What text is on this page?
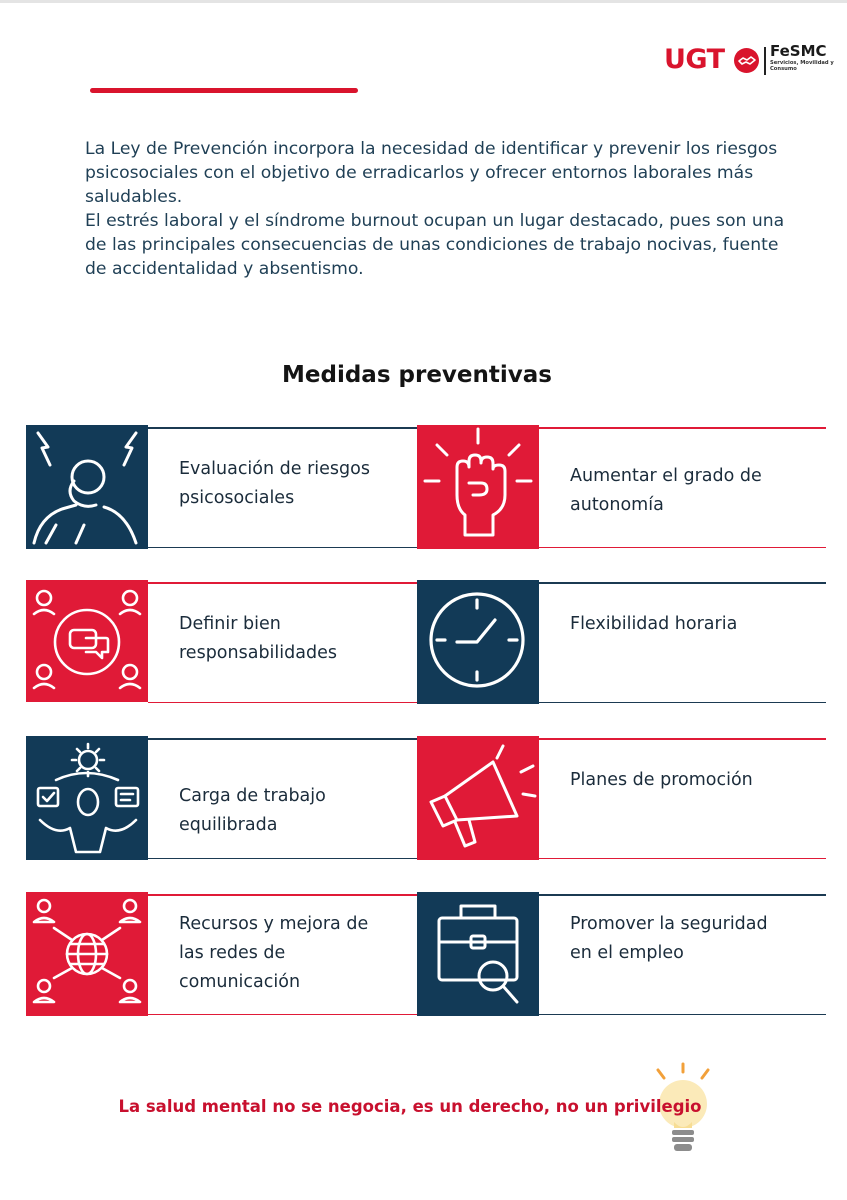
UGT	FeSMC
Servicios, Movilidad y Consumo

La Ley de Prevención incorpora la necesidad de identificar y prevenir los riesgos psicosociales con el objetivo de erradicarlos y ofrecer entornos laborales más saludables.

El estrés laboral y el síndrome burnout ocupan un lugar destacado, pues son una de las principales consecuencias de unas condiciones de trabajo nocivas, fuente de accidentalidad y absentismo.

Medidas preventivas
Evaluación de riesgos
psicosociales
Aumentar el grado de
autonomía
Definir bien
responsabilidades
Flexibilidad horaria
Carga de trabajo
equilibrada
Planes de promoción
Recursos y mejora de
las redes de
comunicación
Promover la seguridad
en el empleo
La salud mental no se negocia, es un derecho, no un privilegio
